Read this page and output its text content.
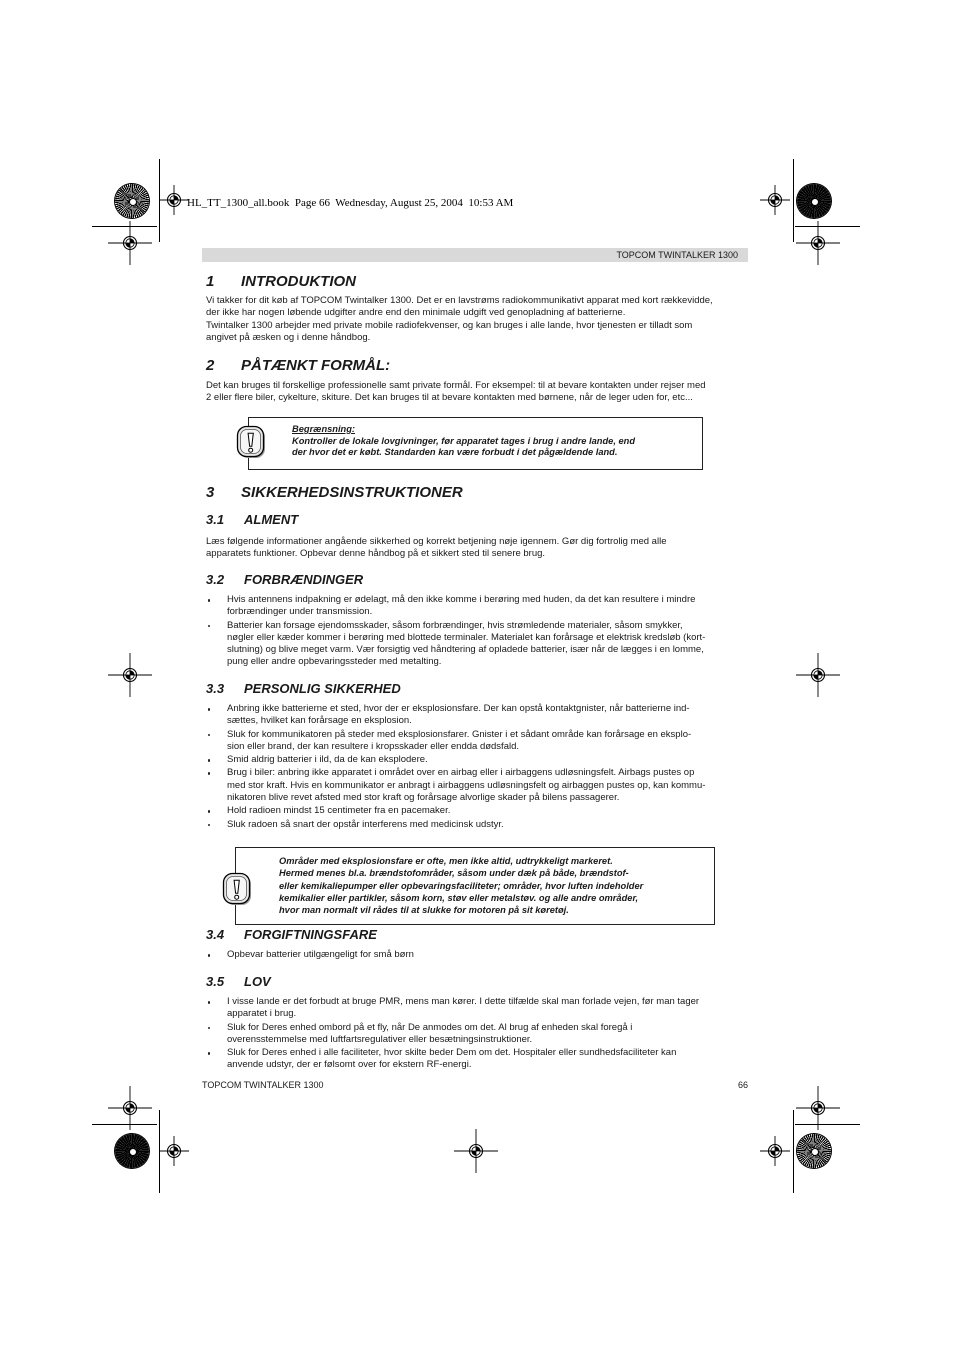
HL_TT_1300_all.book  Page 66  Wednesday, August 25, 2004  10:53 AM
TOPCOM TWINTALKER 1300
1 INTRODUKTION
Vi takker for dit køb af TOPCOM Twintalker 1300. Det er en lavstrøms radiokommunikativt apparat med kort rækkevidde,
der ikke har nogen løbende udgifter andre end den minimale udgift ved genopladning af batterierne.
Twintalker 1300 arbejder med private mobile radiofekvenser, og kan bruges i alle lande, hvor tjenesten er tilladt som
angivet på æsken og i denne håndbog.
2 PÅTÆNKT FORMÅL:
Det kan bruges til forskellige professionelle samt private formål. For eksempel: til at bevare kontakten under rejser med
2 eller flere biler, cykelture, skiture. Det kan bruges til at bevare kontakten med børnene, når de leger uden for, etc...
Begrænsning:
Kontroller de lokale lovgivninger, før apparatet tages i brug i andre lande, end
der hvor det er købt. Standarden kan være forbudt i det pågældende land.
3 SIKKERHEDSINSTRUKTIONER
3.1 ALMENT
Læs følgende informationer angående sikkerhed og korrekt betjening nøje igennem. Gør dig fortrolig med alle
apparatets funktioner. Opbevar denne håndbog på et sikkert sted til senere brug.
3.2 FORBRÆNDINGER
Hvis antennens indpakning er ødelagt, må den ikke komme i berøring med huden, da det kan resultere i mindre
forbrændinger under transmission.
Batterier kan forsage ejendomsskader, såsom forbrændinger, hvis strømledende materialer, såsom smykker,
nøgler eller kæder kommer i berøring med blottede terminaler. Materialet kan forårsage et elektrisk kredsløb (kort-
slutning) og blive meget varm. Vær forsigtig ved håndtering af opladede batterier, især når de lægges i en lomme,
pung eller andre opbevaringssteder med metalting.
3.3 PERSONLIG SIKKERHED
Anbring ikke batterierne et sted, hvor der er eksplosionsfare. Der kan opstå kontaktgnister, når batterierne ind-
sættes, hvilket kan forårsage en eksplosion.
Sluk for kommunikatoren på steder med eksplosionsfarer. Gnister i et sådant område kan forårsage en eksplo-
sion eller brand, der kan resultere i kropsskader eller endda dødsfald.
Smid aldrig batterier i ild, da de kan eksplodere.
Brug i biler: anbring ikke apparatet i området over en airbag eller i airbaggens udløsningsfelt. Airbags pustes op
med stor kraft. Hvis en kommunikator er anbragt i airbaggens udløsningsfelt og airbaggen pustes op, kan kommu-
nikatoren blive revet afsted med stor kraft og forårsage alvorlige skader på bilens passagerer.
Hold radioen mindst 15 centimeter fra en pacemaker.
Sluk radoen så snart der opstår interferens med medicinsk udstyr.
Områder med eksplosionsfare er ofte, men ikke altid, udtrykkeligt markeret.
Hermed menes bl.a. brændstofområder, såsom under dæk på både, brændstof-
eller kemikaliepumper eller opbevaringsfaciliteter; områder, hvor luften indeholder
kemikalier eller partikler, såsom korn, støv eller metalstøv. og alle andre områder,
hvor man normalt vil rådes til at slukke for motoren på sit køretøj.
3.4 FORGIFTNINGSFARE
Opbevar batterier utilgængeligt for små børn
3.5 LOV
I visse lande er det forbudt at bruge PMR, mens man kører. I dette tilfælde skal man forlade vejen, før man tager
apparatet i brug.
Sluk for Deres enhed ombord på et fly, når De anmodes om det. Al brug af enheden skal foregå i
overensstemmelse med luftfartsregulativer eller besætningsinstruktioner.
Sluk for Deres enhed i alle faciliteter, hvor skilte beder Dem om det. Hospitaler eller sundhedsfaciliteter kan
anvende udstyr, der er følsomt over for ekstern RF-energi.
TOPCOM TWINTALKER 1300	66
